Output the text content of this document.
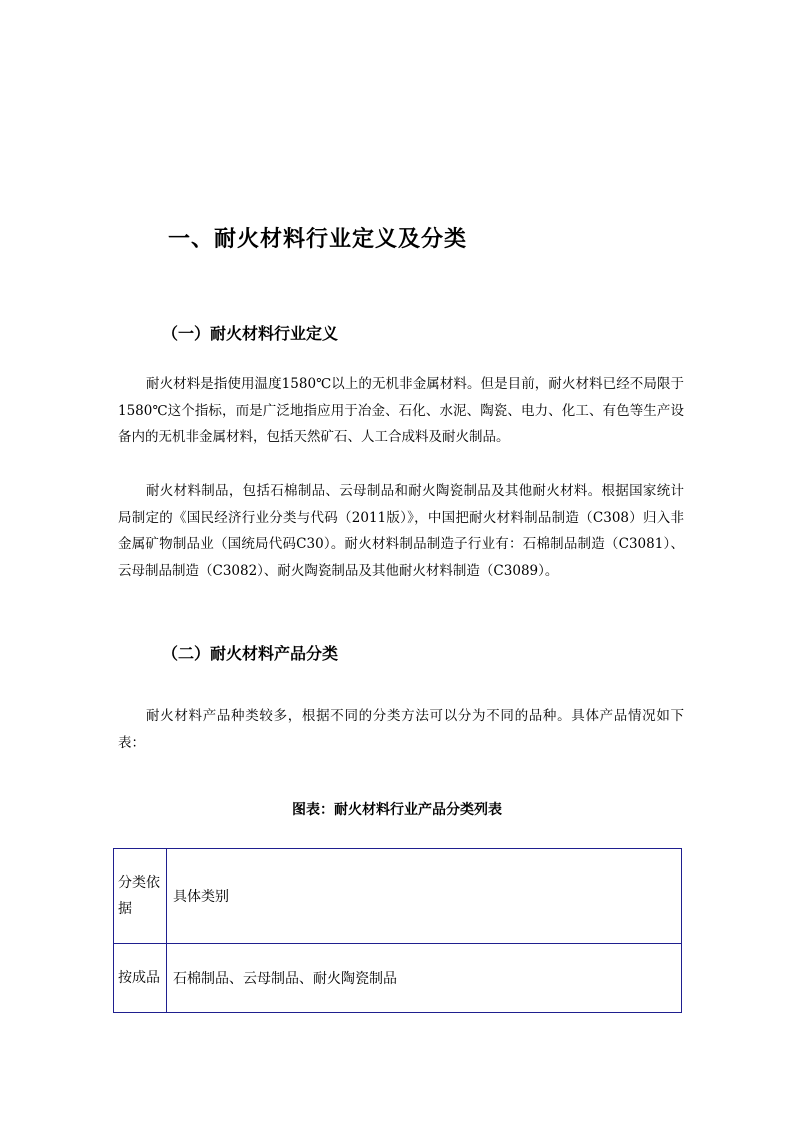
一、耐火材料行业定义及分类
（一）耐火材料行业定义

耐火材料是指使用温度1580℃以上的无机非金属材料。但是目前，耐火材料已经不局限于1580℃这个指标，而是广泛地指应用于冶金、石化、水泥、陶瓷、电力、化工、有色等生产设备内的无机非金属材料，包括天然矿石、人工合成料及耐火制品。

耐火材料制品，包括石棉制品、云母制品和耐火陶瓷制品及其他耐火材料。根据国家统计局制定的《国民经济行业分类与代码（2011版）》，中国把耐火材料制品制造（C308）归入非金属矿物制品业（国统局代码C30）。耐火材料制品制造子行业有：石棉制品制造（C3081）、云母制品制造（C3082）、耐火陶瓷制品及其他耐火材料制造（C3089）。

（二）耐火材料产品分类

耐火材料产品种类较多，根据不同的分类方法可以分为不同的品种。具体产品情况如下表：

图表：耐火材料行业产品分类列表
分类依据	具体类别
按成品	石棉制品、云母制品、耐火陶瓷制品
